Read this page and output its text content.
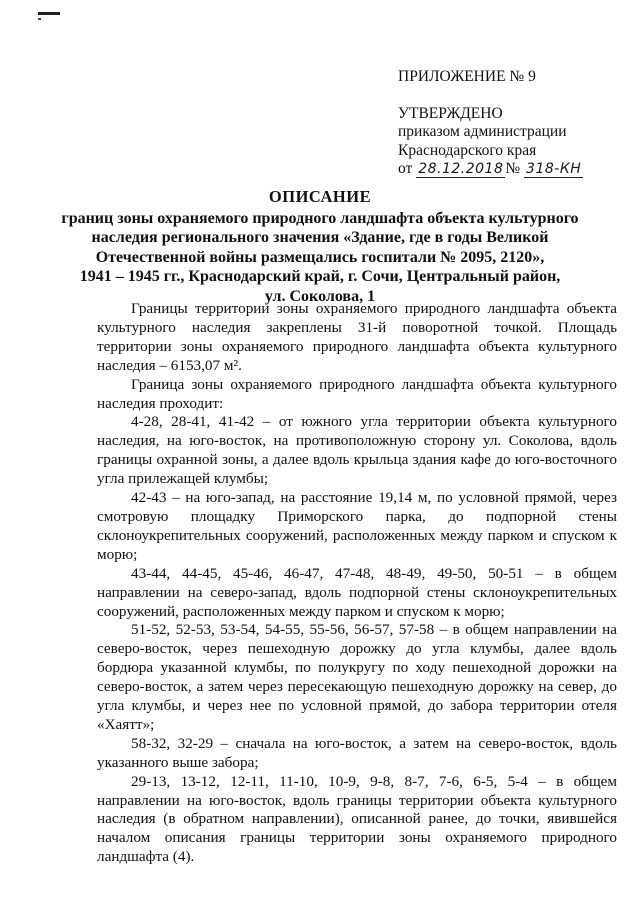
ПРИЛОЖЕНИЕ № 9

УТВЕРЖДЕНО

приказом администрации

Краснодарского края

от 28.12.2018 № 318-КН

ОПИСАНИЕ

границ зоны охраняемого природного ландшафта объекта культурного

наследия регионального значения «Здание, где в годы Великой

Отечественной войны размещались госпитали № 2095, 2120»,

1941 – 1945 гг., Краснодарский край, г. Сочи, Центральный район,

ул. Соколова, 1

Границы территории зоны охраняемого природного ландшафта объекта культурного наследия закреплены 31-й поворотной точкой. Площадь территории зоны охраняемого природного ландшафта объекта культурного наследия – 6153,07 м².

Граница зоны охраняемого природного ландшафта объекта культурного наследия проходит:

4-28, 28-41, 41-42 – от южного угла территории объекта культурного наследия, на юго-восток, на противоположную сторону ул. Соколова, вдоль границы охранной зоны, а далее вдоль крыльца здания кафе до юго-восточного угла прилежащей клумбы;

42-43 – на юго-запад, на расстояние 19,14 м, по условной прямой, через смотровую площадку Приморского парка, до подпорной стены склоноукрепительных сооружений, расположенных между парком и спуском к морю;

43-44, 44-45, 45-46, 46-47, 47-48, 48-49, 49-50, 50-51 – в общем направлении на северо-запад, вдоль подпорной стены склоноукрепительных сооружений, расположенных между парком и спуском к морю;

51-52, 52-53, 53-54, 54-55, 55-56, 56-57, 57-58 – в общем направлении на северо-восток, через пешеходную дорожку до угла клумбы, далее вдоль бордюра указанной клумбы, по полукругу по ходу пешеходной дорожки на северо-восток, а затем через пересекающую пешеходную дорожку на север, до угла клумбы, и через нее по условной прямой, до забора территории отеля «Хаятт»;

58-32, 32-29 – сначала на юго-восток, а затем на северо-восток, вдоль указанного выше забора;

29-13, 13-12, 12-11, 11-10, 10-9, 9-8, 8-7, 7-6, 6-5, 5-4 – в общем направлении на юго-восток, вдоль границы территории объекта культурного наследия (в обратном направлении), описанной ранее, до точки, явившейся началом описания границы территории зоны охраняемого природного ландшафта (4).
